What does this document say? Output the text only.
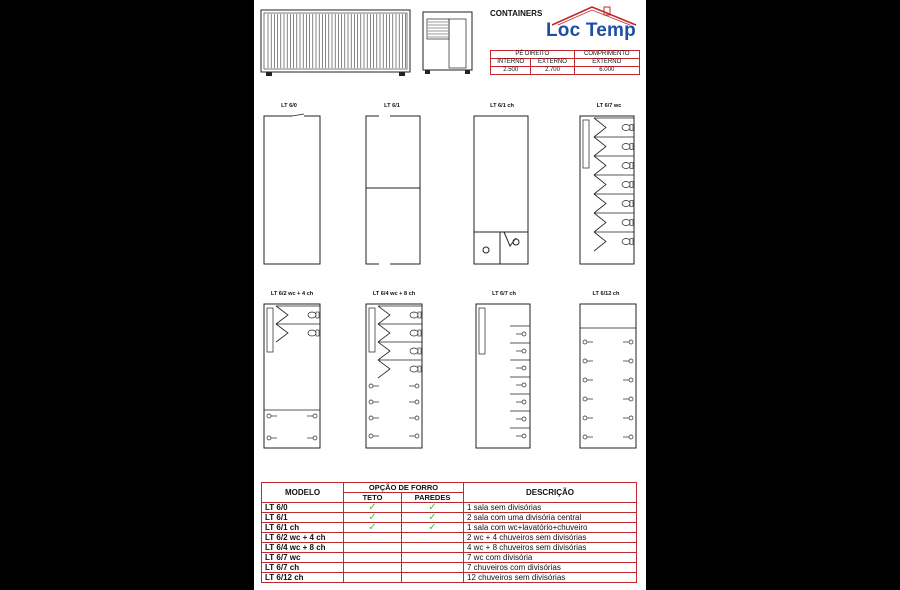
CONTAINERS
Loc Temp
PÉ DIREITO		COMPRIMENTO
INTERNO	EXTERNO	EXTERNO
2.500	2.700	6.000
LT 6/0	LT 6/1	LT 6/1 ch	LT 6/7 wc
LT 6/2 wc + 4 ch	LT 6/4 wc + 8 ch	LT 6/7 ch	LT 6/12 ch
MODELO	OPÇÃO DE FORRO		DESCRIÇÃO
	TETO	PAREDES	
LT 6/0	✓	✓	1 sala sem divisórias
LT 6/1	✓	✓	2 sala com uma divisória central
LT 6/1 ch	✓	✓	1 sala com wc+lavatório+chuveiro
LT 6/2 wc + 4 ch			2 wc + 4 chuveiros sem divisórias
LT 6/4 wc + 8 ch			4 wc + 8 chuveiros sem divisórias
LT 6/7 wc			7 wc com divisória
LT 6/7 ch			7 chuveiros com divisórias
LT 6/12 ch			12 chuveiros sem divisórias
